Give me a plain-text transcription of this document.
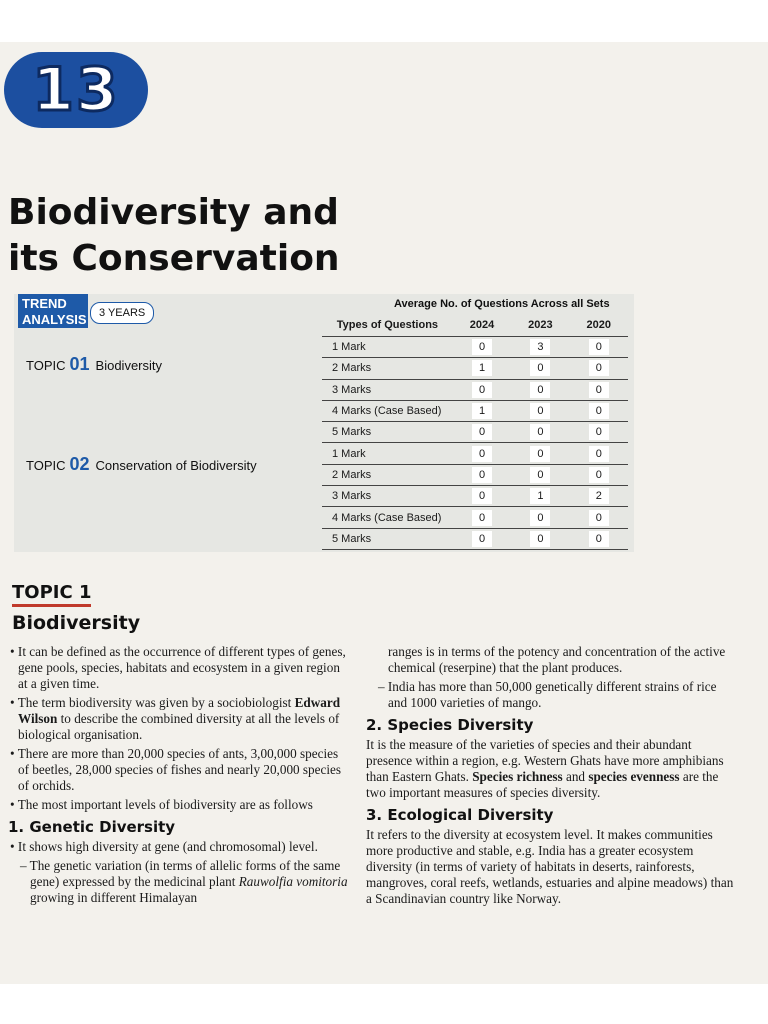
13
Biodiversity and
its Conservation
TREND ANALYSIS	3 YEARS
Average No. of Questions Across all Sets
TOPIC 01 Biodiversity
TOPIC 02 Conservation of Biodiversity
Types of Questions	2024	2023	2020
1 Mark	0	3	0
2 Marks	1	0	0
3 Marks	0	0	0
4 Marks (Case Based)	1	0	0
5 Marks	0	0	0
1 Mark	0	0	0
2 Marks	0	0	0
3 Marks	0	1	2
4 Marks (Case Based)	0	0	0
5 Marks	0	0	0
TOPIC 1
Biodiversity

• It can be defined as the occurrence of different types of genes, gene pools, species, habitats and ecosystem in a given region at a given time.

• The term biodiversity was given by a sociobiologist Edward Wilson to describe the combined diversity at all the levels of biological organisation.

• There are more than 20,000 species of ants, 3,00,000 species of beetles, 28,000 species of fishes and nearly 20,000 species of orchids.

• The most important levels of biodiversity are as follows

1. Genetic Diversity

• It shows high diversity at gene (and chromosomal) level.

– The genetic variation (in terms of allelic forms of the same gene) expressed by the medicinal plant Rauwolfia vomitoria growing in different Himalayan

ranges is in terms of the potency and concentration of the active chemical (reserpine) that the plant produces.

– India has more than 50,000 genetically different strains of rice and 1000 varieties of mango.

2. Species Diversity

It is the measure of the varieties of species and their abundant presence within a region, e.g. Western Ghats have more amphibians than Eastern Ghats. Species richness and species evenness are the two important measures of species diversity.

3. Ecological Diversity

It refers to the diversity at ecosystem level. It makes communities more productive and stable, e.g. India has a greater ecosystem diversity (in terms of variety of habitats in deserts, rainforests, mangroves, coral reefs, wetlands, estuaries and alpine meadows) than a Scandinavian country like Norway.
